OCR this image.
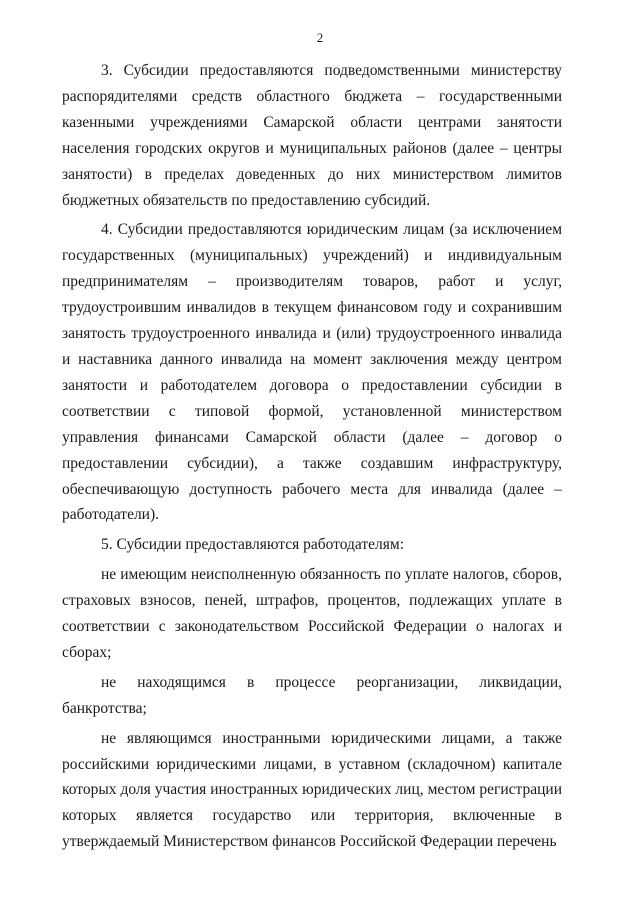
2

3. Субсидии предоставляются подведомственными министерству распорядителями средств областного бюджета – государственными казенными учреждениями Самарской области центрами занятости населения городских округов и муниципальных районов (далее – центры занятости) в пределах доведенных до них министерством лимитов бюджетных обязательств по предоставлению субсидий.

4. Субсидии предоставляются юридическим лицам (за исключением государственных (муниципальных) учреждений) и индивидуальным предпринимателям – производителям товаров, работ и услуг, трудоустроившим инвалидов в текущем финансовом году и сохранившим занятость трудоустроенного инвалида и (или) трудоустроенного инвалида и наставника данного инвалида на момент заключения между центром занятости и работодателем договора о предоставлении субсидии в соответствии с типовой формой, установленной министерством управления финансами Самарской области (далее – договор о предоставлении субсидии), а также создавшим инфраструктуру, обеспечивающую доступность рабочего места для инвалида (далее – работодатели).

5. Субсидии предоставляются работодателям:

не имеющим неисполненную обязанность по уплате налогов, сборов, страховых взносов, пеней, штрафов, процентов, подлежащих уплате в соответствии с законодательством Российской Федерации о налогах и сборах;

не находящимся в процессе реорганизации, ликвидации, банкротства;

не являющимся иностранными юридическими лицами, а также российскими юридическими лицами, в уставном (складочном) капитале которых доля участия иностранных юридических лиц, местом регистрации которых является государство или территория, включенные в утверждаемый Министерством финансов Российской Федерации перечень
